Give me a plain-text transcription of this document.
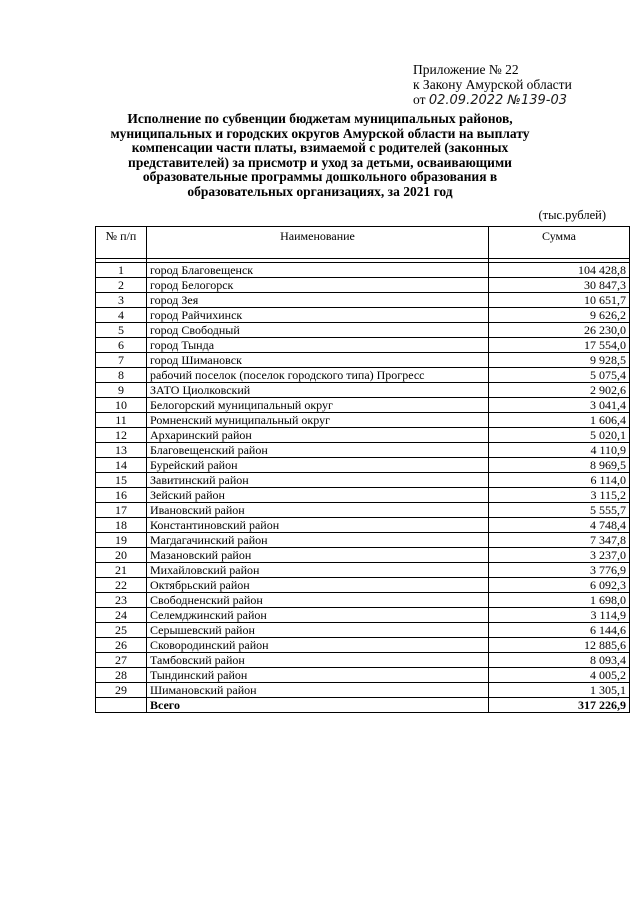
Приложение № 22
к Закону Амурской области
от 02.09.2022 №139-03
Исполнение по субвенции бюджетам муниципальных районов, муниципальных и городских округов Амурской области на выплату компенсации части платы, взимаемой с родителей (законных представителей) за присмотр и уход за детьми, осваивающими образовательные программы дошкольного образования в образовательных организациях, за 2021 год
(тыс.рублей)
№ п/п	Наименование	Сумма

1	город Благовещенск	104 428,8
2	город Белогорск	30 847,3
3	город Зея	10 651,7
4	город Райчихинск	9 626,2
5	город Свободный	26 230,0
6	город Тында	17 554,0
7	город Шимановск	9 928,5
8	рабочий поселок (поселок городского типа) Прогресс	5 075,4
9	ЗАТО Циолковский	2 902,6
10	Белогорский муниципальный округ	3 041,4
11	Ромненский муниципальный округ	1 606,4
12	Архаринский район	5 020,1
13	Благовещенский район	4 110,9
14	Бурейский район	8 969,5
15	Завитинский район	6 114,0
16	Зейский район	3 115,2
17	Ивановский район	5 555,7
18	Константиновский район	4 748,4
19	Магдагачинский район	7 347,8
20	Мазановский район	3 237,0
21	Михайловский район	3 776,9
22	Октябрьский район	6 092,3
23	Свободненский район	1 698,0
24	Селемджинский район	3 114,9
25	Серышевский район	6 144,6
26	Сковородинский район	12 885,6
27	Тамбовский район	8 093,4
28	Тындинский район	4 005,2
29	Шимановский район	1 305,1
	Всего	317 226,9
